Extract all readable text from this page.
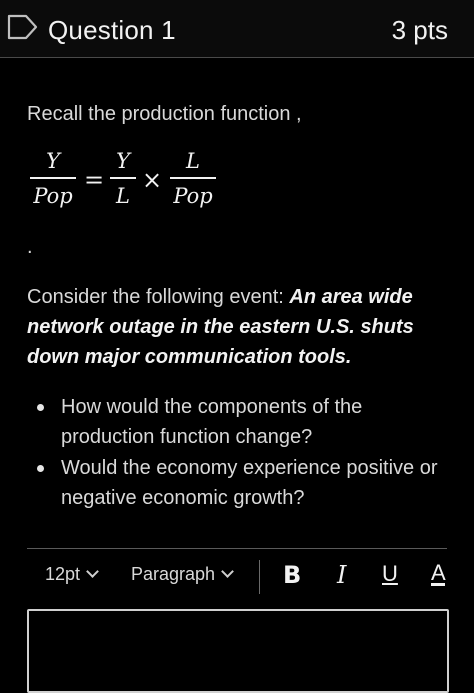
Question 1	3 pts
Recall the production function ,
Y
Pop
=
Y
L
×
L
Pop
.
Consider the following event: An area wide network outage in the eastern U.S. shuts down major communication tools.
How would the components of the production function change?
Would the economy experience positive or negative economic growth?
12pt	Paragraph	B I U A
